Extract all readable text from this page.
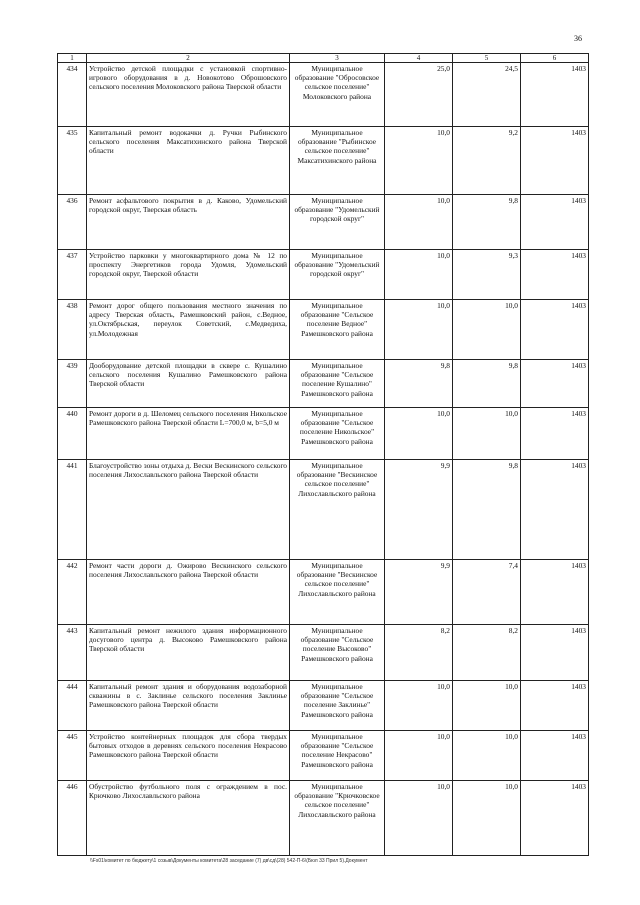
36
1	2	3	4	5	6
434	Устройство детской площадки с установкой спортивно-игрового оборудования в д. Новокотово Оброшовского сельского поселения Молоковского района Тверской области	Муниципальное образование "Обросовское сельское поселение" Молоковского района	25,0	24,5	1403
435	Капитальный ремонт водокачки д. Ручки Рыбинского сельского поселения Максатихинского района Тверской области	Муниципальное образование "Рыбинское сельское поселение" Максатихинского района	10,0	9,2	1403
436	Ремонт асфальтового покрытия в д. Каково, Удомельский городской округ, Тверская область	Муниципальное образование "Удомельский городской округ"	10,0	9,8	1403
437	Устройство парковки у многоквартирного дома № 12 по проспекту Энергетиков города Удомля, Удомельский городской округ, Тверской области	Муниципальное образование "Удомельский городской округ"	10,0	9,3	1403
438	Ремонт дорог общего пользования местного значения по адресу Тверская область, Рамешковский район, с.Ведное, ул.Октябрьская, переулок Советский, с.Медведиха, ул.Молодежная	Муниципальное образование "Сельское поселение Ведное" Рамешковского района	10,0	10,0	1403
439	Дооборудование детской площадки в сквере с. Кушалино сельского поселения Кушалино Рамешковского района Тверской области	Муниципальное образование "Сельское поселение Кушалино" Рамешковского района	9,8	9,8	1403
440	Ремонт дороги в д. Шеломец сельского поселения Никольское Рамешковского района Тверской области L=700,0 м, b=5,0 м	Муниципальное образование "Сельское поселение Никольское" Рамешковского района	10,0	10,0	1403
441	Благоустройство зоны отдыха д. Вески Вескинского сельского поселения Лихославльского района Тверской области	Муниципальное образование "Вескинское сельское поселение" Лихославльского района	9,9	9,8	1403
442	Ремонт части дороги д. Ожирово Вескинского сельского поселения Лихославльского района Тверской области	Муниципальное образование "Вескинское сельское поселение" Лихославльского района	9,9	7,4	1403
443	Капитальный ремонт нежилого здания информационного досугового центра д. Высоково Рамешковского района Тверской области	Муниципальное образование "Сельское поселение Высоково" Рамешковского района	8,2	8,2	1403
444	Капитальный ремонт здания и оборудования водозаборной скважины в с. Заклинье сельского поселения Заклинье Рамешковского района Тверской области	Муниципальное образование "Сельское поселение Заклинье" Рамешковского района	10,0	10,0	1403
445	Устройство контейнерных площадок для сбора твердых бытовых отходов в деревнях сельского поселения Некрасово Рамешковского района Тверской области	Муниципальное образование "Сельское поселение Некрасово" Рамешковского района	10,0	10,0	1403
446	Обустройство футбольного поля с ограждением в пос. Крючково Лихославльского района	Муниципальное образование "Крючковское сельское поселение" Лихославльского района	10,0	10,0	1403
\\Fs01\комитет по бюджету\1 созыв\Документы комитета\28 заседание (7) дв\сд\(28) 542-П-6\(Бюл 33 Прил 5).Документ
